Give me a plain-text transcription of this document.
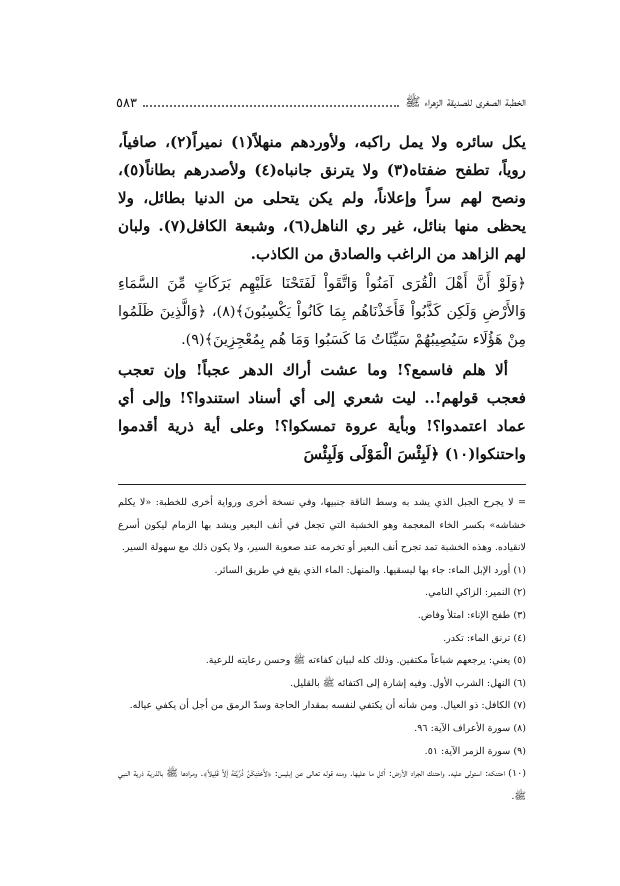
الخطبة الصغرى للصديقة الزهراء ﷺ
٥٨٣

يكل سائره ولا يمل راكبه، ولأوردهم منهلاً(١) نميراً(٢)، صافياً، روياً، تطفح ضفتاه(٣) ولا يترنق جانباه(٤) ولأصدرهم بطاناً(٥)، ونصح لهم سراً وإعلاناً، ولم يكن يتحلى من الدنيا بطائل، ولا يحظى منها بنائل، غير ري الناهل(٦)، وشبعة الكافل(٧). ولبان لهم الزاهد من الراغب والصادق من الكاذب.

﴿وَلَوْ أَنَّ أَهْلَ الْقُرَى آمَنُواْ وَاتَّقَواْ لَفَتَحْنَا عَلَيْهِم بَرَكَاتٍ مِّنَ السَّمَاءِ وَالأَرْضِ وَلَكِن كَذَّبُواْ فَأَخَذْنَاهُم بِمَا كَانُواْ يَكْسِبُونَ﴾(٨)، ﴿وَالَّذِينَ ظَلَمُوا مِنْ هَؤُلَاء سَيُصِيبُهُمْ سَيِّئَاتُ مَا كَسَبُوا وَمَا هُم بِمُعْجِزِينَ﴾(٩).

ألا هلم فاسمع؟! وما عشت أراك الدهر عجباً! وإن تعجب فعجب قولهم!.. ليت شعري إلى أي أسناد استندوا؟! وإلى أي عماد اعتمدوا؟! وبأية عروة تمسكوا؟! وعلى أية ذرية أقدموا واحتنكوا(١٠) ﴿لَبِئْسَ الْمَوْلَى وَلَبِئْسَ

= لا يجرح الجبل الذي يشد به وسط الناقة جنبيها، وفي نسخة أخرى ورواية أخرى للخطبة: «لا يكلم خشاشه» بكسر الخاء المعجمة وهو الخشبة التي تجعل في أنف البعير ويشد بها الزمام ليكون أسرع لانقياده. وهذه الخشبة تمد تجرح أنف البعير أو تخرمه عند صعوبة السير، ولا يكون ذلك مع سهولة السير.

(١) أورد الإبل الماء: جاء بها ليسقيها. والمنهل: الماء الذي يقع في طريق السائر.
(٢) النمير: الزاكي النامي.
(٣) طفح الإناء: امتلأ وفاض.
(٤) ترنق الماء: تكدر.
(٥) يعني: يرجعهم شباعاً مكتفين. وذلك كله لبيان كفاءته ﷺ وحسن رعايته للرعية.
(٦) النهل: الشرب الأول. وفيه إشارة إلى اكتفائه ﷺ بالقليل.
(٧) الكافل: ذو العيال. ومن شأنه أن يكتفي لنفسه بمقدار الحاجة وسدّ الرمق من أجل أن يكفي عياله.
(٨) سورة الأعراف الآية: ٩٦.
(٩) سورة الزمر الآية: ٥١.
(١٠) احتنكه: استولى عليه. واحتنك الجراد الأرض: أكل ما عليها. ومنه قوله تعالى عن إبليس: ﴿لأَحْتَنِكَنَّ ذُرِّيَّتَهُ إَلاَّ قَلِيلاً﴾. ومرادها ﷺ بالذرية ذرية النبي ﷺ.
